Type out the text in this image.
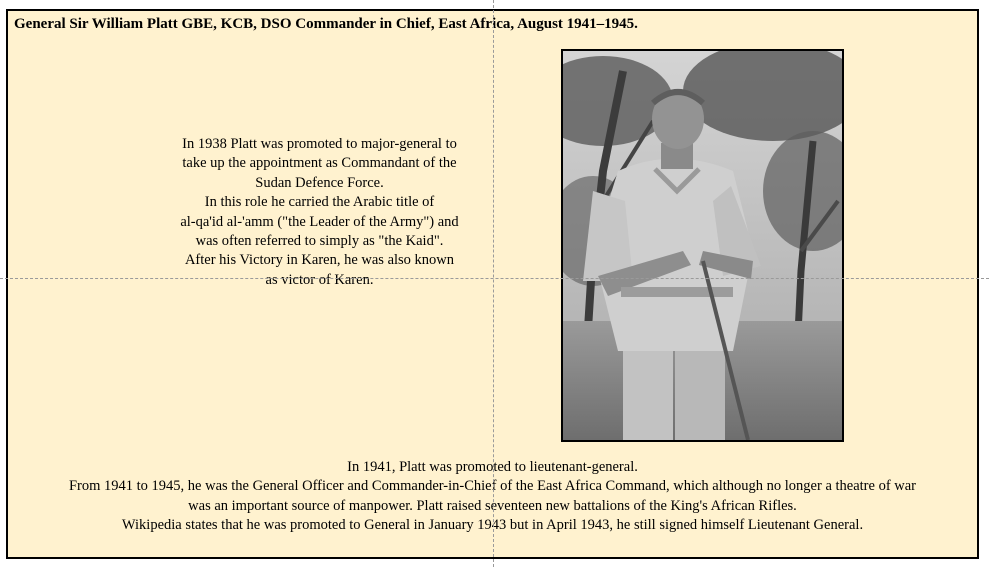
General Sir William Platt GBE, KCB, DSO Commander in Chief, East Africa, August 1941–1945.
In 1938 Platt was promoted to major-general to
take up the appointment as Commandant of the
Sudan Defence Force.
In this role he carried the Arabic title of
al-qa'id al-'amm ("the Leader of the Army") and
was often referred to simply as "the Kaid".
After his Victory in Karen, he was also known
as victor of Karen.
In 1941, Platt was promoted to lieutenant-general.
From 1941 to 1945, he was the General Officer and Commander-in-Chief of the East Africa Command, which although no longer a theatre of war
was an important source of manpower. Platt raised seventeen new battalions of the King's African Rifles.
Wikipedia states that he was promoted to General in January 1943 but in April 1943, he still signed himself Lieutenant General.
